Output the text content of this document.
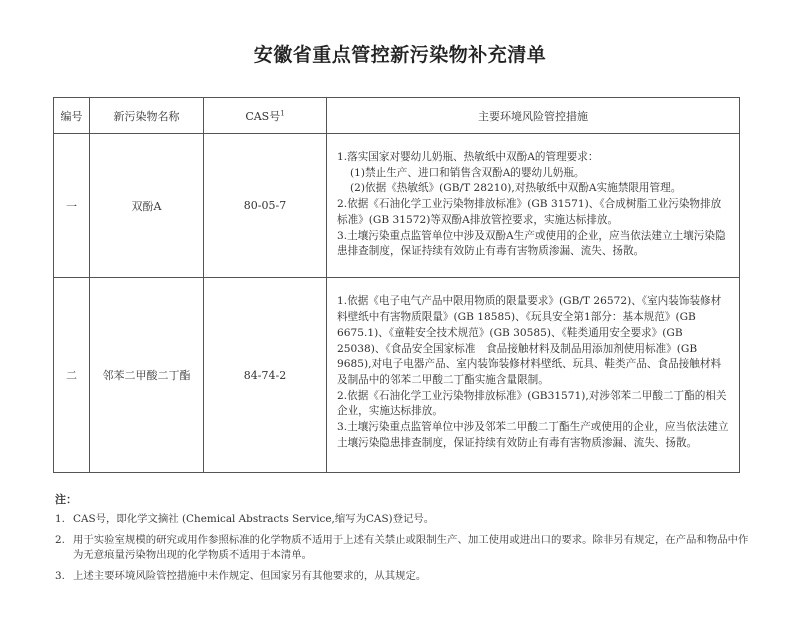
安徽省重点管控新污染物补充清单
编号	新污染物名称	CAS号$^1$	主要环境风险管控措施
一	双酚A	80-05-7	1.落实国家对婴幼儿奶瓶、热敏纸中双酚A的管理要求：
(1)禁止生产、进口和销售含双酚A的婴幼儿奶瓶。
(2)依据《热敏纸》(GB/T 28210),对热敏纸中双酚A实施禁限用管理。
2.依据《石油化学工业污染物排放标准》(GB 31571)、《合成树脂工业污染物排放标准》(GB 31572)等双酚A排放管控要求，实施达标排放。
3.土壤污染重点监管单位中涉及双酚A生产或使用的企业，应当依法建立土壤污染隐患排查制度，保证持续有效防止有毒有害物质渗漏、流失、扬散。

二	邻苯二甲酸二丁酯	84-74-2	1.依据《电子电气产品中限用物质的限量要求》(GB/T 26572)、《室内装饰装修材料壁纸中有害物质限量》(GB 18585)、《玩具安全第1部分：基本规范》(GB 6675.1)、《童鞋安全技术规范》(GB 30585)、《鞋类通用安全要求》(GB 25038)、《食品安全国家标准　食品接触材料及制品用添加剂使用标准》(GB 9685),对电子电器产品、室内装饰装修材料壁纸、玩具、鞋类产品、食品接触材料及制品中的邻苯二甲酸二丁酯实施含量限制。
2.依据《石油化学工业污染物排放标准》(GB31571),对涉邻苯二甲酸二丁酯的相关企业，实施达标排放。
3.土壤污染重点监管单位中涉及邻苯二甲酸二丁酯生产或使用的企业，应当依法建立土壤污染隐患排查制度，保证持续有效防止有毒有害物质渗漏、流失、扬散。
注：
1. CAS号，即化学文摘社 (Chemical Abstracts Service,缩写为CAS)登记号。
2. 用于实验室规模的研究或用作参照标准的化学物质不适用于上述有关禁止或限制生产、加工使用或进出口的要求。除非另有规定，在产品和物品中作为无意痕量污染物出现的化学物质不适用于本清单。
3. 上述主要环境风险管控措施中未作规定、但国家另有其他要求的，从其规定。
